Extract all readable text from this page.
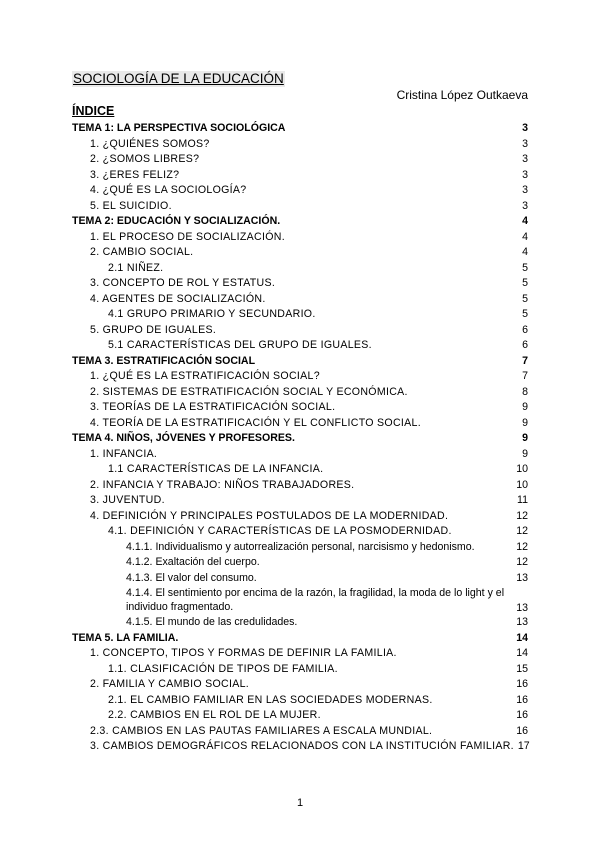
SOCIOLOGÍA DE LA EDUCACIÓN
Cristina López Outkaeva
ÍNDICE
TEMA 1: LA PERSPECTIVA SOCIOLÓGICA	3
1. ¿QUIÉNES SOMOS?	3
2. ¿SOMOS LIBRES?	3
3. ¿ERES FELIZ?	3
4. ¿QUÉ ES LA SOCIOLOGÍA?	3
5. EL SUICIDIO.	3
TEMA 2: EDUCACIÓN Y SOCIALIZACIÓN.	4
1. EL PROCESO DE SOCIALIZACIÓN.	4
2. CAMBIO SOCIAL.	4
2.1 NIÑEZ.	5
3. CONCEPTO DE ROL Y ESTATUS.	5
4. AGENTES DE SOCIALIZACIÓN.	5
4.1 GRUPO PRIMARIO Y SECUNDARIO.	5
5. GRUPO DE IGUALES.	6
5.1 CARACTERÍSTICAS DEL GRUPO DE IGUALES.	6
TEMA 3. ESTRATIFICACIÓN SOCIAL	7
1. ¿QUÉ ES LA ESTRATIFICACIÓN SOCIAL?	7
2. SISTEMAS DE ESTRATIFICACIÓN SOCIAL Y ECONÓMICA.	8
3. TEORÍAS DE LA ESTRATIFICACIÓN SOCIAL.	9
4. TEORÍA DE LA ESTRATIFICACIÓN Y EL CONFLICTO SOCIAL.	9
TEMA 4. NIÑOS, JÓVENES Y PROFESORES.	9
1. INFANCIA.	9
1.1 CARACTERÍSTICAS DE LA INFANCIA.	10
2. INFANCIA Y TRABAJO: NIÑOS TRABAJADORES.	10
3. JUVENTUD.	11
4. DEFINICIÓN Y PRINCIPALES POSTULADOS DE LA MODERNIDAD.	12
4.1. DEFINICIÓN Y CARACTERÍSTICAS DE LA POSMODERNIDAD.	12
4.1.1. Individualismo y autorrealización personal, narcisismo y hedonismo.	12
4.1.2. Exaltación del cuerpo.	12
4.1.3. El valor del consumo.	13
4.1.4. El sentimiento por encima de la razón, la fragilidad, la moda de lo light y el individuo fragmentado.	13
4.1.5. El mundo de las credulidades.	13
TEMA 5. LA FAMILIA.	14
1. CONCEPTO, TIPOS Y FORMAS DE DEFINIR LA FAMILIA.	14
1.1. CLASIFICACIÓN DE TIPOS DE FAMILIA.	15
2. FAMILIA Y CAMBIO SOCIAL.	16
2.1. EL CAMBIO FAMILIAR EN LAS SOCIEDADES MODERNAS.	16
2.2. CAMBIOS EN EL ROL DE LA MUJER.	16
2.3. CAMBIOS EN LAS PAUTAS FAMILIARES A ESCALA MUNDIAL.	16
3. CAMBIOS DEMOGRÁFICOS RELACIONADOS CON LA INSTITUCIÓN FAMILIAR. 17
1
